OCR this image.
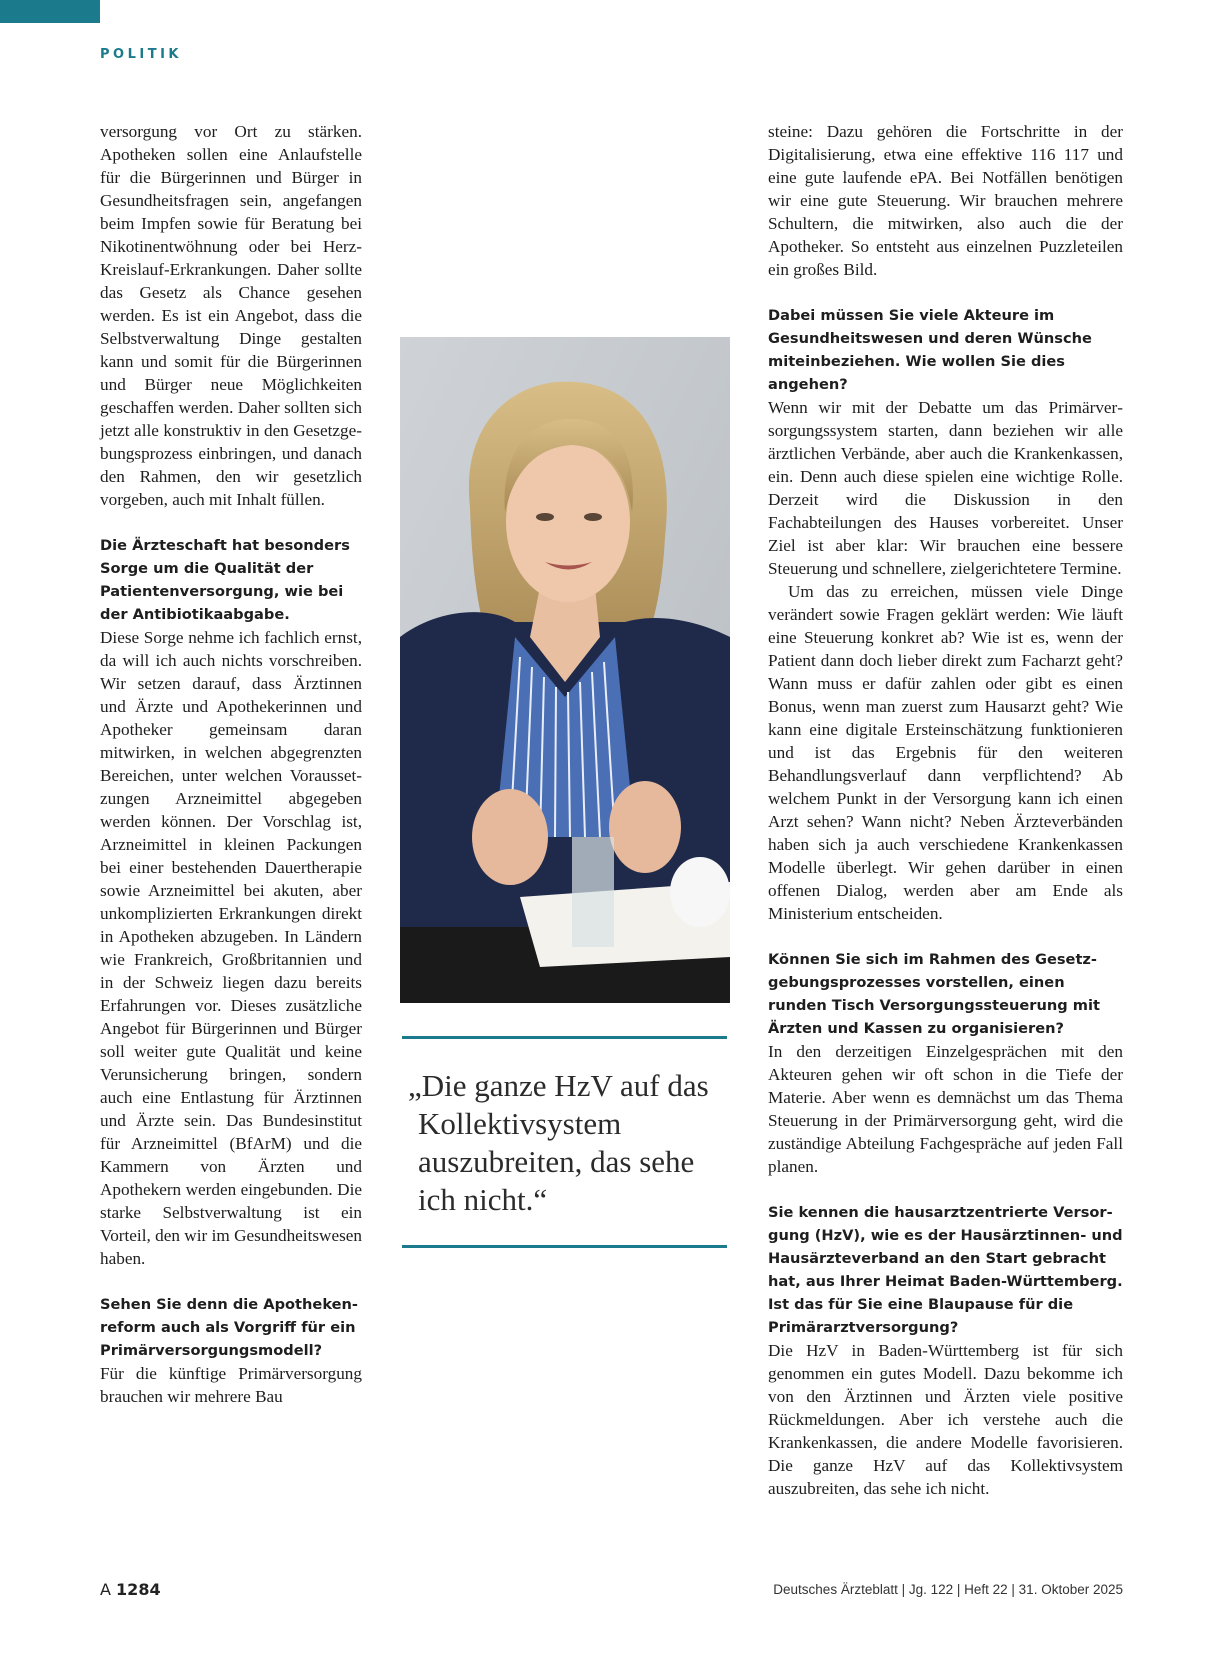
POLITIK

versorgung vor Ort zu stärken. Apotheken sollen eine Anlaufstelle für die Bürgerinnen und Bürger in Gesundheitsfragen sein, angefangen beim Impfen sowie für Beratung bei Nikotinentwöhnung oder bei Herz-Kreislauf-Erkrankungen. Daher sollte das Gesetz als Chance gesehen werden. Es ist ein Angebot, dass die Selbstverwaltung Dinge gestalten kann und somit für die Bürgerinnen und Bürger neue Möglichkeiten geschaffen werden. Daher sollten sich jetzt alle konstruktiv in den Gesetzgebungsprozess einbringen, und danach den Rahmen, den wir gesetzlich vorgeben, auch mit Inhalt füllen.

Die Ärzteschaft hat besonders Sorge um die Qualität der Patientenversorgung, wie bei der Antibiotikaabgabe.

Diese Sorge nehme ich fachlich ernst, da will ich auch nichts vorschreiben. Wir setzen darauf, dass Ärztinnen und Ärzte und Apothekerinnen und Apotheker gemeinsam daran mitwirken, in welchen abgegrenzten Bereichen, unter welchen Voraussetzungen Arzneimittel abgegeben werden können. Der Vorschlag ist, Arzneimittel in kleinen Packungen bei einer bestehenden Dauertherapie sowie Arzneimittel bei akuten, aber unkomplizierten Erkrankungen direkt in Apotheken abzugeben. In Ländern wie Frankreich, Großbritannien und in der Schweiz liegen dazu bereits Erfahrungen vor. Dieses zusätzliche Angebot für Bürgerinnen und Bürger soll weiter gute Qualität und keine Verunsicherung bringen, sondern auch eine Entlastung für Ärztinnen und Ärzte sein. Das Bundesinstitut für Arzneimittel (BfArM) und die Kammern von Ärzten und Apothekern werden eingebunden. Die starke Selbstverwaltung ist ein Vorteil, den wir im Gesundheitswesen haben.

Sehen Sie denn die Apothekenreform auch als Vorgriff für ein Primärversorgungsmodell?

Für die künftige Primärversorgung brauchen wir mehrere Bau

„Die ganze HzV auf das Kollektivsystem auszubreiten, das sehe ich nicht.“

steine: Dazu gehören die Fortschritte in der Digitalisierung, etwa eine effektive 116 117 und eine gute laufende ePA. Bei Notfällen benötigen wir eine gute Steuerung. Wir brauchen mehrere Schultern, die mitwirken, also auch die der Apotheker. So entsteht aus einzelnen Puzzleteilen ein großes Bild.

Dabei müssen Sie viele Akteure im Gesundheitswesen und deren Wünsche miteinbeziehen. Wie wollen Sie dies angehen?

Wenn wir mit der Debatte um das Primärversorgungssystem starten, dann beziehen wir alle ärztlichen Verbände, aber auch die Krankenkassen, ein. Denn auch diese spielen eine wichtige Rolle. Derzeit wird die Diskussion in den Fachabteilungen des Hauses vorbereitet. Unser Ziel ist aber klar: Wir brauchen eine bessere Steuerung und schnellere, zielgerichtetere Termine.

Um das zu erreichen, müssen viele Dinge verändert sowie Fragen geklärt werden: Wie läuft eine Steuerung konkret ab? Wie ist es, wenn der Patient dann doch lieber direkt zum Facharzt geht? Wann muss er dafür zahlen oder gibt es einen Bonus, wenn man zuerst zum Hausarzt geht? Wie kann eine digitale Ersteinschätzung funktionieren und ist das Ergebnis für den weiteren Behandlungsverlauf dann verpflichtend? Ab welchem Punkt in der Versorgung kann ich einen Arzt sehen? Wann nicht? Neben Ärzteverbänden haben sich ja auch verschiedene Krankenkassen Modelle überlegt. Wir gehen darüber in einen offenen Dialog, werden aber am Ende als Ministerium entscheiden.

Können Sie sich im Rahmen des Gesetzgebungsprozesses vorstellen, einen runden Tisch Versorgungssteuerung mit Ärzten und Kassen zu organisieren?

In den derzeitigen Einzelgesprächen mit den Akteuren gehen wir oft schon in die Tiefe der Materie. Aber wenn es demnächst um das Thema Steuerung in der Primärversorgung geht, wird die zuständige Abteilung Fachgespräche auf jeden Fall planen.

Sie kennen die hausarztzentrierte Versorgung (HzV), wie es der Hausärztinnen- und Hausärzteverband an den Start gebracht hat, aus Ihrer Heimat Baden-Württemberg. Ist das für Sie eine Blaupause für die Primärarztversorgung?

Die HzV in Baden-Württemberg ist für sich genommen ein gutes Modell. Dazu bekomme ich von den Ärztinnen und Ärzten viele positive Rückmeldungen. Aber ich verstehe auch die Krankenkassen, die andere Modelle favorisieren. Die ganze HzV auf das Kollektivsystem auszubreiten, das sehe ich nicht.

A 1284	Deutsches Ärzteblatt | Jg. 122 | Heft 22 | 31. Oktober 2025
